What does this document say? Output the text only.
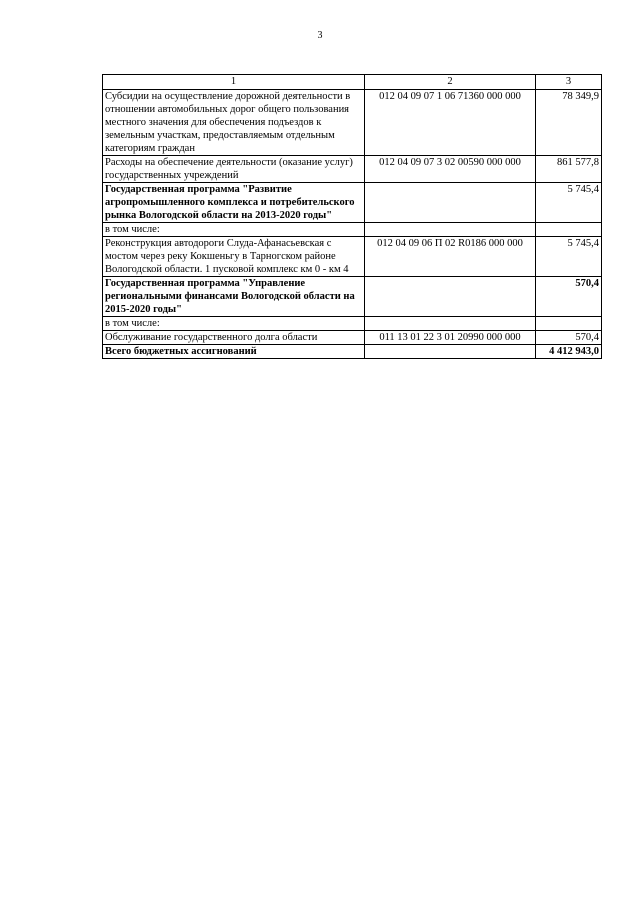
3
1	2	3
Субсидии на осуществление дорожной деятельности в отношении автомобильных дорог общего пользования местного значения для обеспечения подъездов к земельным участкам, предоставляемым отдельным категориям граждан	012 04 09 07 1 06 71360 000 000	78 349,9
Расходы на обеспечение деятельности (оказание услуг) государственных учреждений	012 04 09 07 3 02 00590 000 000	861 577,8
Государственная программа "Развитие агропромышленного комплекса и потребительского рынка Вологодской области на 2013-2020 годы"		5 745,4
в том числе:		
Реконструкция автодороги Слуда-Афанасьевская с мостом через реку Кокшеньгу в Тарногском районе Вологодской области. 1 пусковой комплекс км 0 - км 4	012 04 09 06 П 02 R0186 000 000	5 745,4
Государственная программа "Управление региональными финансами Вологодской области на 2015-2020 годы"		570,4
в том числе:		
Обслуживание государственного долга области	011 13 01 22 3 01 20990 000 000	570,4
Всего бюджетных ассигнований		4 412 943,0
